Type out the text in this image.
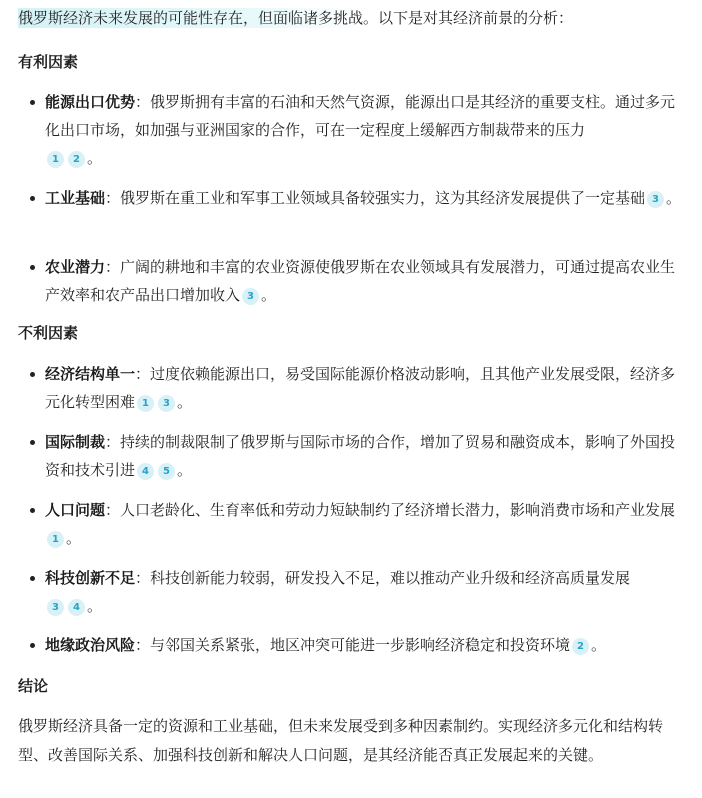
俄罗斯经济未来发展的可能性存在，但面临诸多挑战。以下是对其经济前景的分析：
有利因素
能源出口优势：俄罗斯拥有丰富的石油和天然气资源，能源出口是其经济的重要支柱。通过多元化出口市场，如加强与亚洲国家的合作，可在一定程度上缓解西方制裁带来的压力
1 2 。
工业基础：俄罗斯在重工业和军事工业领域具备较强实力，这为其经济发展提供了一定基础 3 。
农业潜力：广阔的耕地和丰富的农业资源使俄罗斯在农业领域具有发展潜力，可通过提高农业生产效率和农产品出口增加收入 3 。
不利因素
经济结构单一：过度依赖能源出口，易受国际能源价格波动影响，且其他产业发展受限，经济多元化转型困难 1 3 。
国际制裁：持续的制裁限制了俄罗斯与国际市场的合作，增加了贸易和融资成本，影响了外国投资和技术引进 4 5 。
人口问题：人口老龄化、生育率低和劳动力短缺制约了经济增长潜力，影响消费市场和产业发展1 。
科技创新不足：科技创新能力较弱，研发投入不足，难以推动产业升级和经济高质量发展
3 4 。
地缘政治风险：与邻国关系紧张，地区冲突可能进一步影响经济稳定和投资环境 2 。
结论
俄罗斯经济具备一定的资源和工业基础，但未来发展受到多种因素制约。实现经济多元化和结构转型、改善国际关系、加强科技创新和解决人口问题，是其经济能否真正发展起来的关键。
